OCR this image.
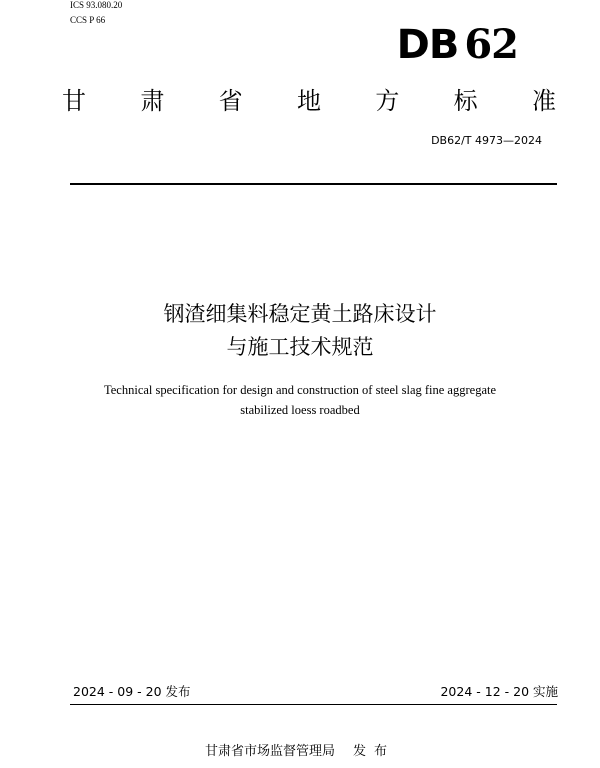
ICS 93.080.20
CCS P 66
DB 62
甘 肃 省 地 方 标 准
DB62/T 4973—2024
钢渣细集料稳定黄土路床设计
与施工技术规范
Technical specification for design and construction of steel slag fine aggregate
stabilized loess roadbed
2024 - 09 - 20 发布	2024 - 12 - 20 实施
甘肃省市场监督管理局 发布
